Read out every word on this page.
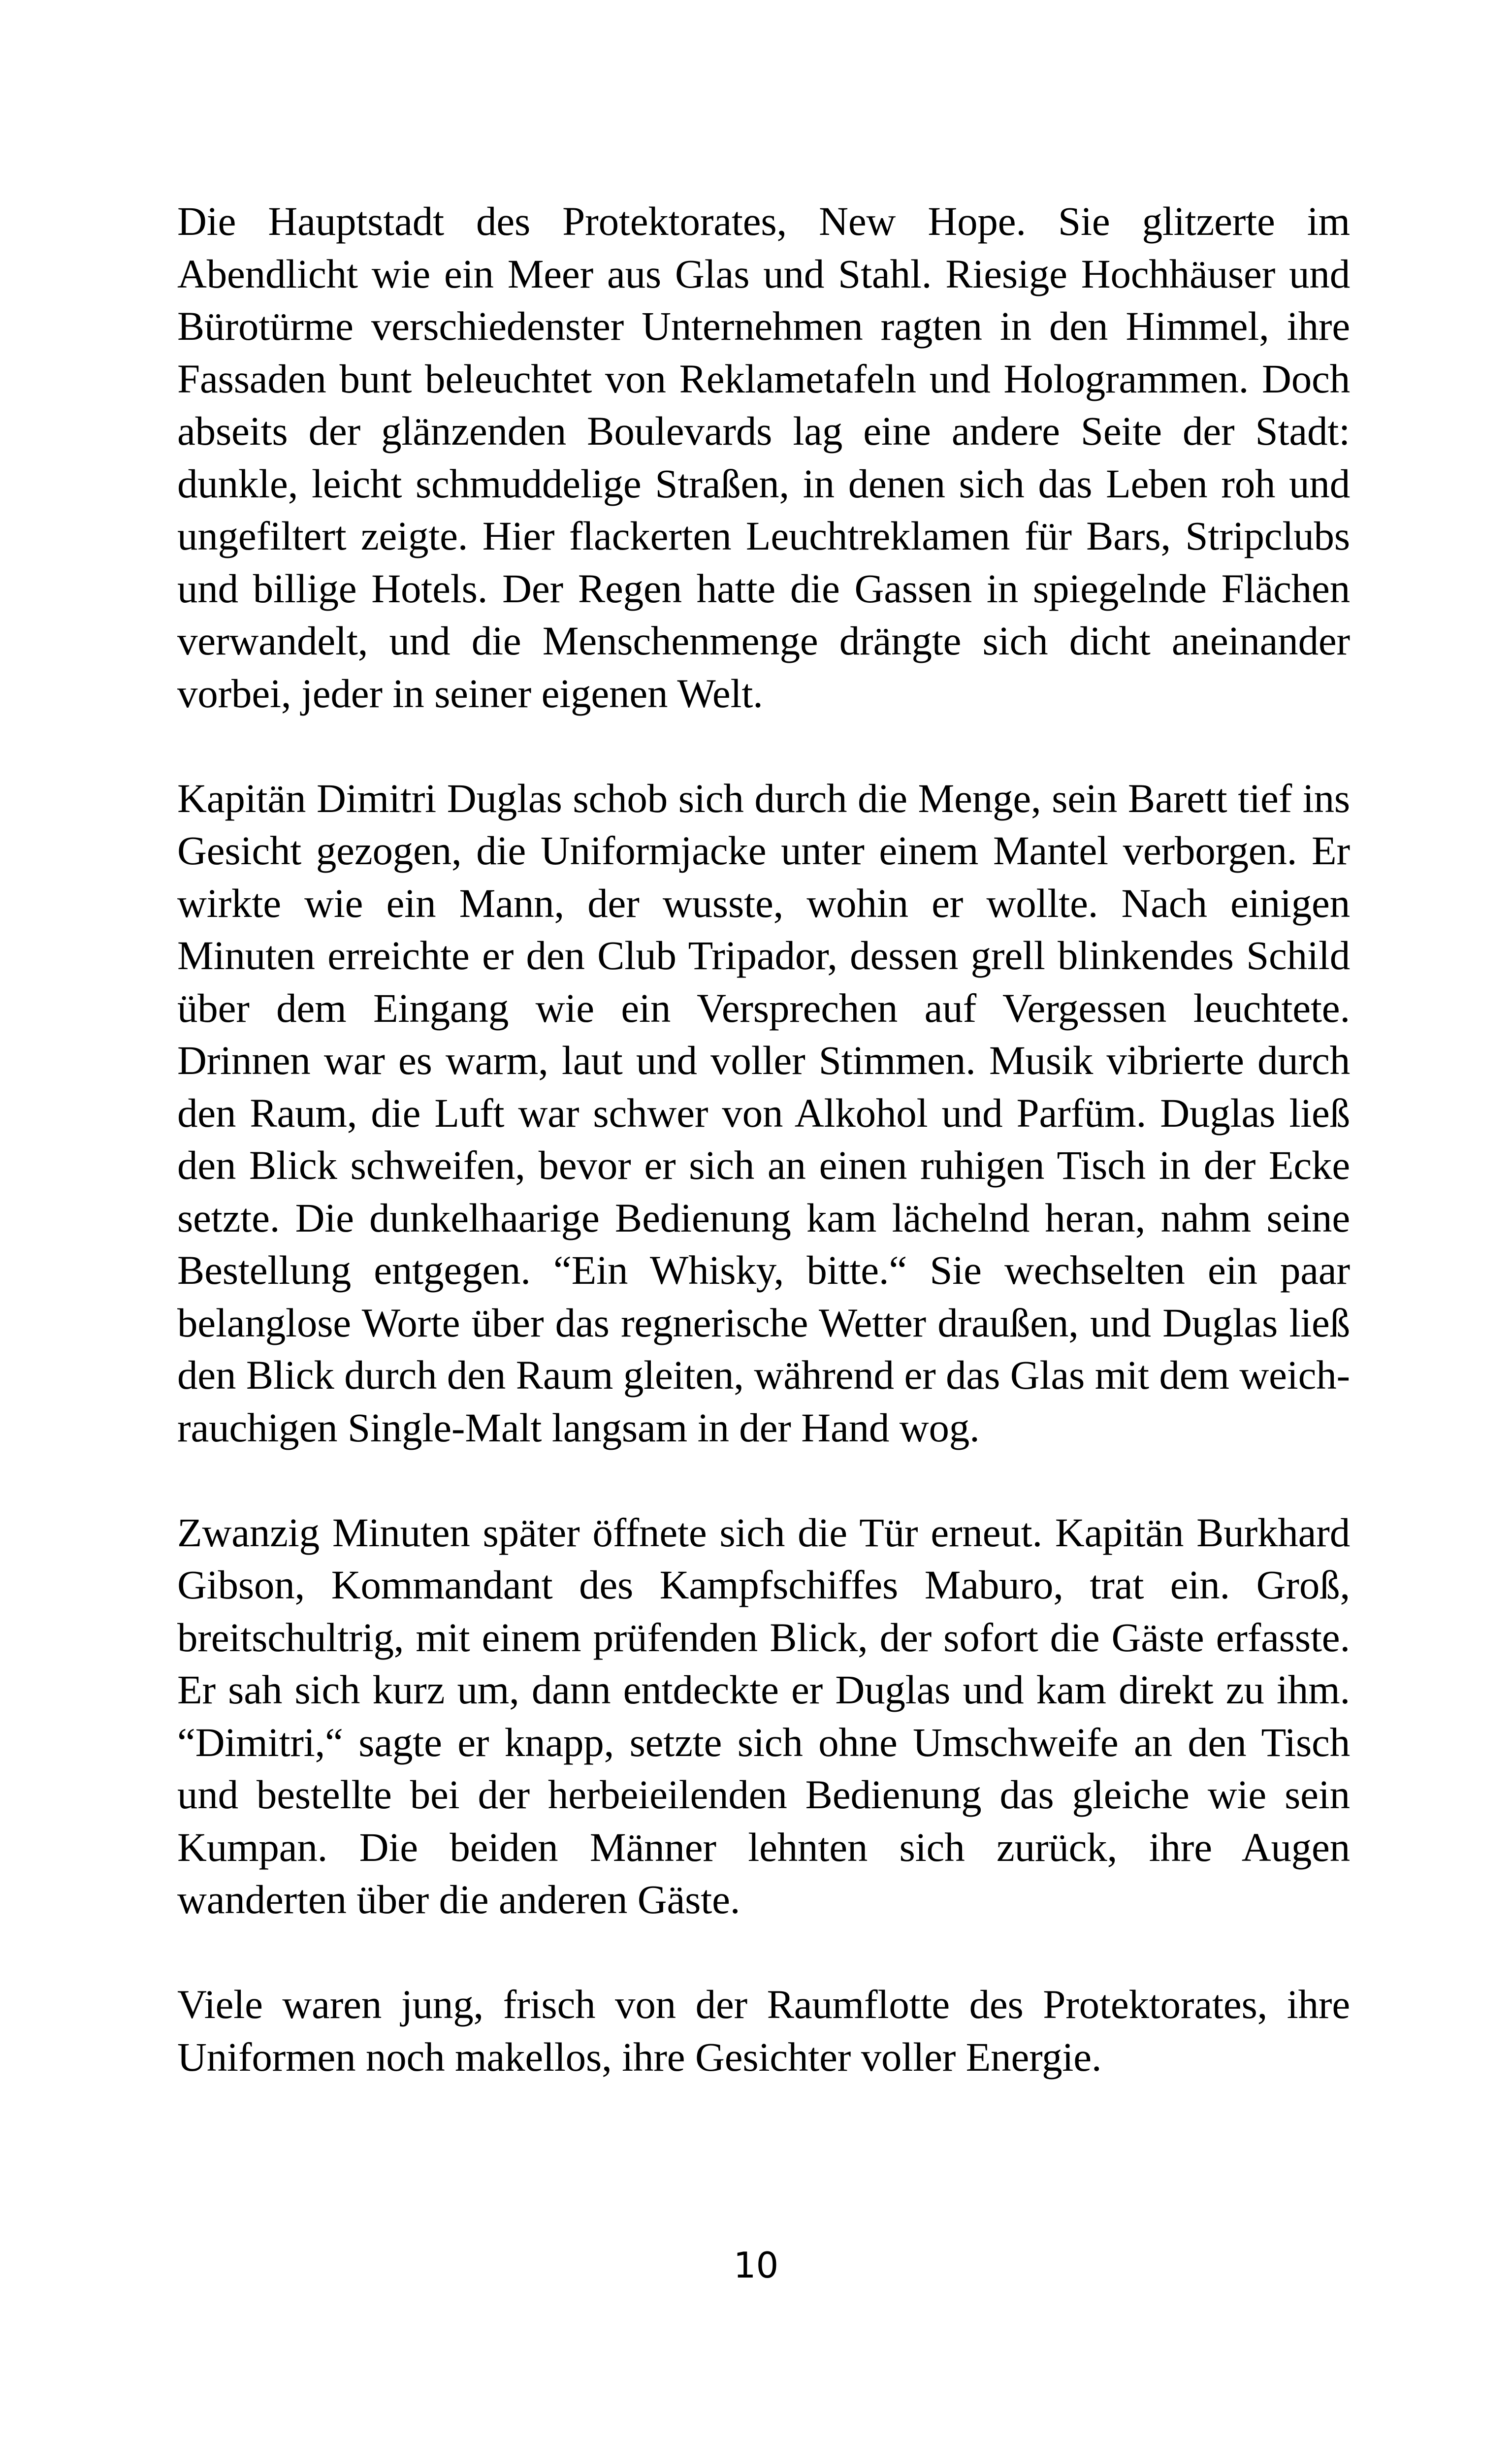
Die Hauptstadt des Protektorates, New Hope. Sie glitzerte im Abendlicht wie ein Meer aus Glas und Stahl. Riesige Hochhäuser und Bürotürme verschiedenster Unternehmen ragten in den Himmel, ihre Fassaden bunt beleuchtet von Reklametafeln und Hologrammen. Doch abseits der glänzenden Boulevards lag eine andere Seite der Stadt: dunkle, leicht schmuddelige Straßen, in denen sich das Leben roh und ungefiltert zeigte. Hier flackerten Leuchtreklamen für Bars, Stripclubs und billige Hotels. Der Regen hatte die Gassen in spiegelnde Flächen verwandelt, und die Menschenmenge drängte sich dicht aneinander vorbei, jeder in seiner eigenen Welt.

Kapitän Dimitri Duglas schob sich durch die Menge, sein Barett tief ins Gesicht gezogen, die Uniformjacke unter einem Mantel verborgen. Er wirkte wie ein Mann, der wusste, wohin er wollte. Nach einigen Minuten erreichte er den Club Tripador, dessen grell blinkendes Schild über dem Eingang wie ein Versprechen auf Vergessen leuchtete. Drinnen war es warm, laut und voller Stimmen. Musik vibrierte durch den Raum, die Luft war schwer von Alkohol und Parfüm. Duglas ließ den Blick schweifen, bevor er sich an einen ruhigen Tisch in der Ecke setzte. Die dunkelhaarige Bedienung kam lächelnd heran, nahm seine Bestellung entgegen. “Ein Whisky, bitte.“ Sie wechselten ein paar belanglose Worte über das regnerische Wetter draußen, und Duglas ließ den Blick durch den Raum gleiten, während er das Glas mit dem weich-rauchigen Single-Malt langsam in der Hand wog.

Zwanzig Minuten später öffnete sich die Tür erneut. Kapitän Burkhard Gibson, Kommandant des Kampfschiffes Maburo, trat ein. Groß, breitschultrig, mit einem prüfenden Blick, der sofort die Gäste erfasste. Er sah sich kurz um, dann entdeckte er Duglas und kam direkt zu ihm. “Dimitri,“ sagte er knapp, setzte sich ohne Umschweife an den Tisch und bestellte bei der herbeieilenden Bedienung das gleiche wie sein Kumpan. Die beiden Männer lehnten sich zurück, ihre Augen wanderten über die anderen Gäste.

Viele waren jung, frisch von der Raumflotte des Protektorates, ihre Uniformen noch makellos, ihre Gesichter voller Energie.

10
